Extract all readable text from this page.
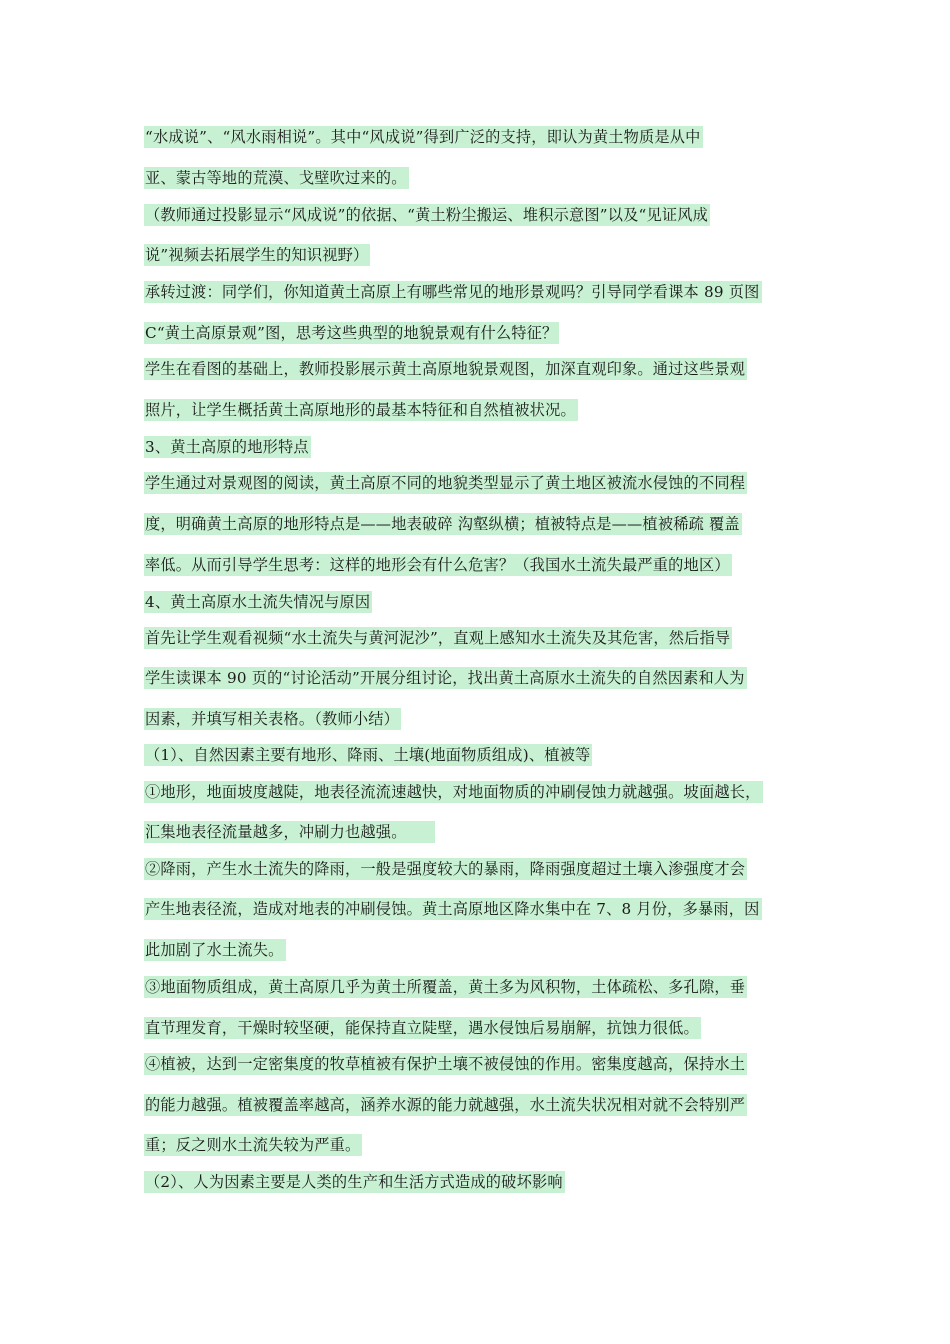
“水成说”、“风水雨相说”。其中“风成说”得到广泛的支持，即认为黄土物质是从中
亚、蒙古等地的荒漠、戈壁吹过来的。
（教师通过投影显示“风成说”的依据、“黄土粉尘搬运、堆积示意图”以及“见证风成
说”视频去拓展学生的知识视野）
承转过渡：同学们，你知道黄土高原上有哪些常见的地形景观吗？引导同学看课本 89 页图
C“黄土高原景观”图，思考这些典型的地貌景观有什么特征？
学生在看图的基础上，教师投影展示黄土高原地貌景观图，加深直观印象。通过这些景观
照片，让学生概括黄土高原地形的最基本特征和自然植被状况。
3、黄土高原的地形特点
学生通过对景观图的阅读，黄土高原不同的地貌类型显示了黄土地区被流水侵蚀的不同程
度，明确黄土高原的地形特点是——地表破碎 沟壑纵横；植被特点是——植被稀疏 覆盖
率低。从而引导学生思考：这样的地形会有什么危害？（我国水土流失最严重的地区）
4、黄土高原水土流失情况与原因
首先让学生观看视频“水土流失与黄河泥沙”，直观上感知水土流失及其危害，然后指导
学生读课本 90 页的“讨论活动”开展分组讨论，找出黄土高原水土流失的自然因素和人为
因素，并填写相关表格。（教师小结）
（1）、自然因素主要有地形、降雨、土壤(地面物质组成)、植被等
①地形，地面坡度越陡，地表径流流速越快，对地面物质的冲刷侵蚀力就越强。坡面越长，
汇集地表径流量越多，冲刷力也越强。
②降雨，产生水土流失的降雨，一般是强度较大的暴雨，降雨强度超过土壤入渗强度才会
产生地表径流，造成对地表的冲刷侵蚀。黄土高原地区降水集中在 7、8 月份，多暴雨，因
此加剧了水土流失。
③地面物质组成，黄土高原几乎为黄土所覆盖，黄土多为风积物，土体疏松、多孔隙，垂
直节理发育，干燥时较坚硬，能保持直立陡壁，遇水侵蚀后易崩解，抗蚀力很低。
④植被，达到一定密集度的牧草植被有保护土壤不被侵蚀的作用。密集度越高，保持水土
的能力越强。植被覆盖率越高，涵养水源的能力就越强，水土流失状况相对就不会特别严
重；反之则水土流失较为严重。
（2）、人为因素主要是人类的生产和生活方式造成的破坏影响
